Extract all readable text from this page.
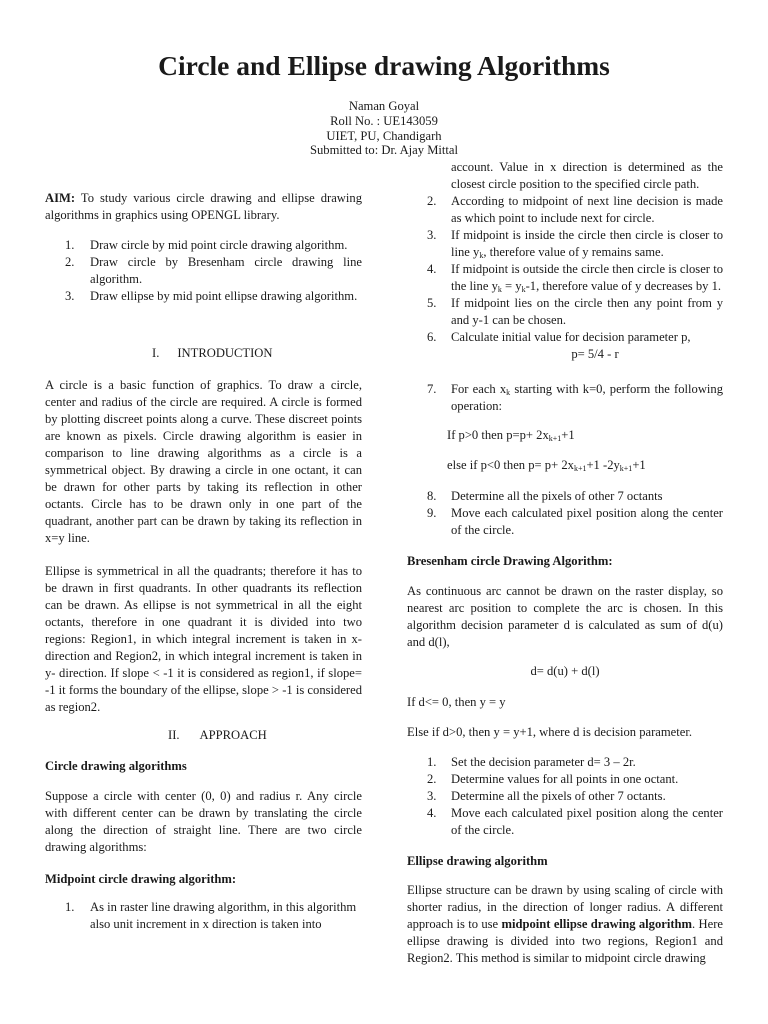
Circle and Ellipse drawing Algorithms
Naman Goyal
Roll No. : UE143059
UIET, PU, Chandigarh
Submitted to: Dr. Ajay Mittal
AIM: To study various circle drawing and ellipse drawing algorithms in graphics using OPENGL library.
1. Draw circle by mid point circle drawing algorithm.
2. Draw circle by Bresenham circle drawing line algorithm.
3. Draw ellipse by mid point ellipse drawing algorithm.
I. INTRODUCTION

A circle is a basic function of graphics. To draw a circle, center and radius of the circle are required. A circle is formed by plotting discreet points along a curve. These discreet points are known as pixels. Circle drawing algorithm is easier in comparison to line drawing algorithms as a circle is a symmetrical object. By drawing a circle in one octant, it can be drawn for other parts by taking its reflection in other octants. Circle has to be drawn only in one part of the quadrant, another part can be drawn by taking its reflection in x=y line.

Ellipse is symmetrical in all the quadrants; therefore it has to be drawn in first quadrants. In other quadrants its reflection can be drawn. As ellipse is not symmetrical in all the eight octants, therefore in one quadrant it is divided into two regions: Region1, in which integral increment is taken in x-direction and Region2, in which integral increment is taken in y- direction. If slope < -1 it is considered as region1, if slope= -1 it forms the boundary of the ellipse, slope > -1 is considered as region2.

II. APPROACH
Circle drawing algorithms

Suppose a circle with center (0, 0) and radius r. Any circle with different center can be drawn by translating the circle along the direction of straight line. There are two circle drawing algorithms:

Midpoint circle drawing algorithm:
1. As in raster line drawing algorithm, in this algorithm also unit increment in x direction is taken into
account. Value in x direction is determined as the closest circle position to the specified circle path.
2. According to midpoint of next line decision is made as which point to include next for circle.
3. If midpoint is inside the circle then circle is closer to line $y_k$, therefore value of y remains same.
4. If midpoint is outside the circle then circle is closer to the line $y_k = y_k-1$, therefore value of y decreases by 1.
5. If midpoint lies on the circle then any point from y and y-1 can be chosen.
6. Calculate initial value for decision parameter p,
p= 5/4 - r
7. For each $x_k$ starting with k=0, perform the following operation:
If p>0 then $p=p+ 2x_{k+1}+1$
else if p<0 then $p= p+ 2x_{k+1}+1$ $-2y_{k+1}+1$
8. Determine all the pixels of other 7 octants
9. Move each calculated pixel position along the center of the circle.
Bresenham circle Drawing Algorithm:

As continuous arc cannot be drawn on the raster display, so nearest arc position to complete the arc is chosen. In this algorithm decision parameter d is calculated as sum of d(u) and d(l),

d= d(u) + d(l)
If d<= 0, then y = y
Else if d>0, then y = y+1, where d is decision parameter.
1. Set the decision parameter d= 3 – 2r.
2. Determine values for all points in one octant.
3. Determine all the pixels of other 7 octants.
4. Move each calculated pixel position along the center of the circle.
Ellipse drawing algorithm

Ellipse structure can be drawn by using scaling of circle with shorter radius, in the direction of longer radius. A different approach is to use midpoint ellipse drawing algorithm. Here ellipse drawing is divided into two regions, Region1 and Region2. This method is similar to midpoint circle drawing
